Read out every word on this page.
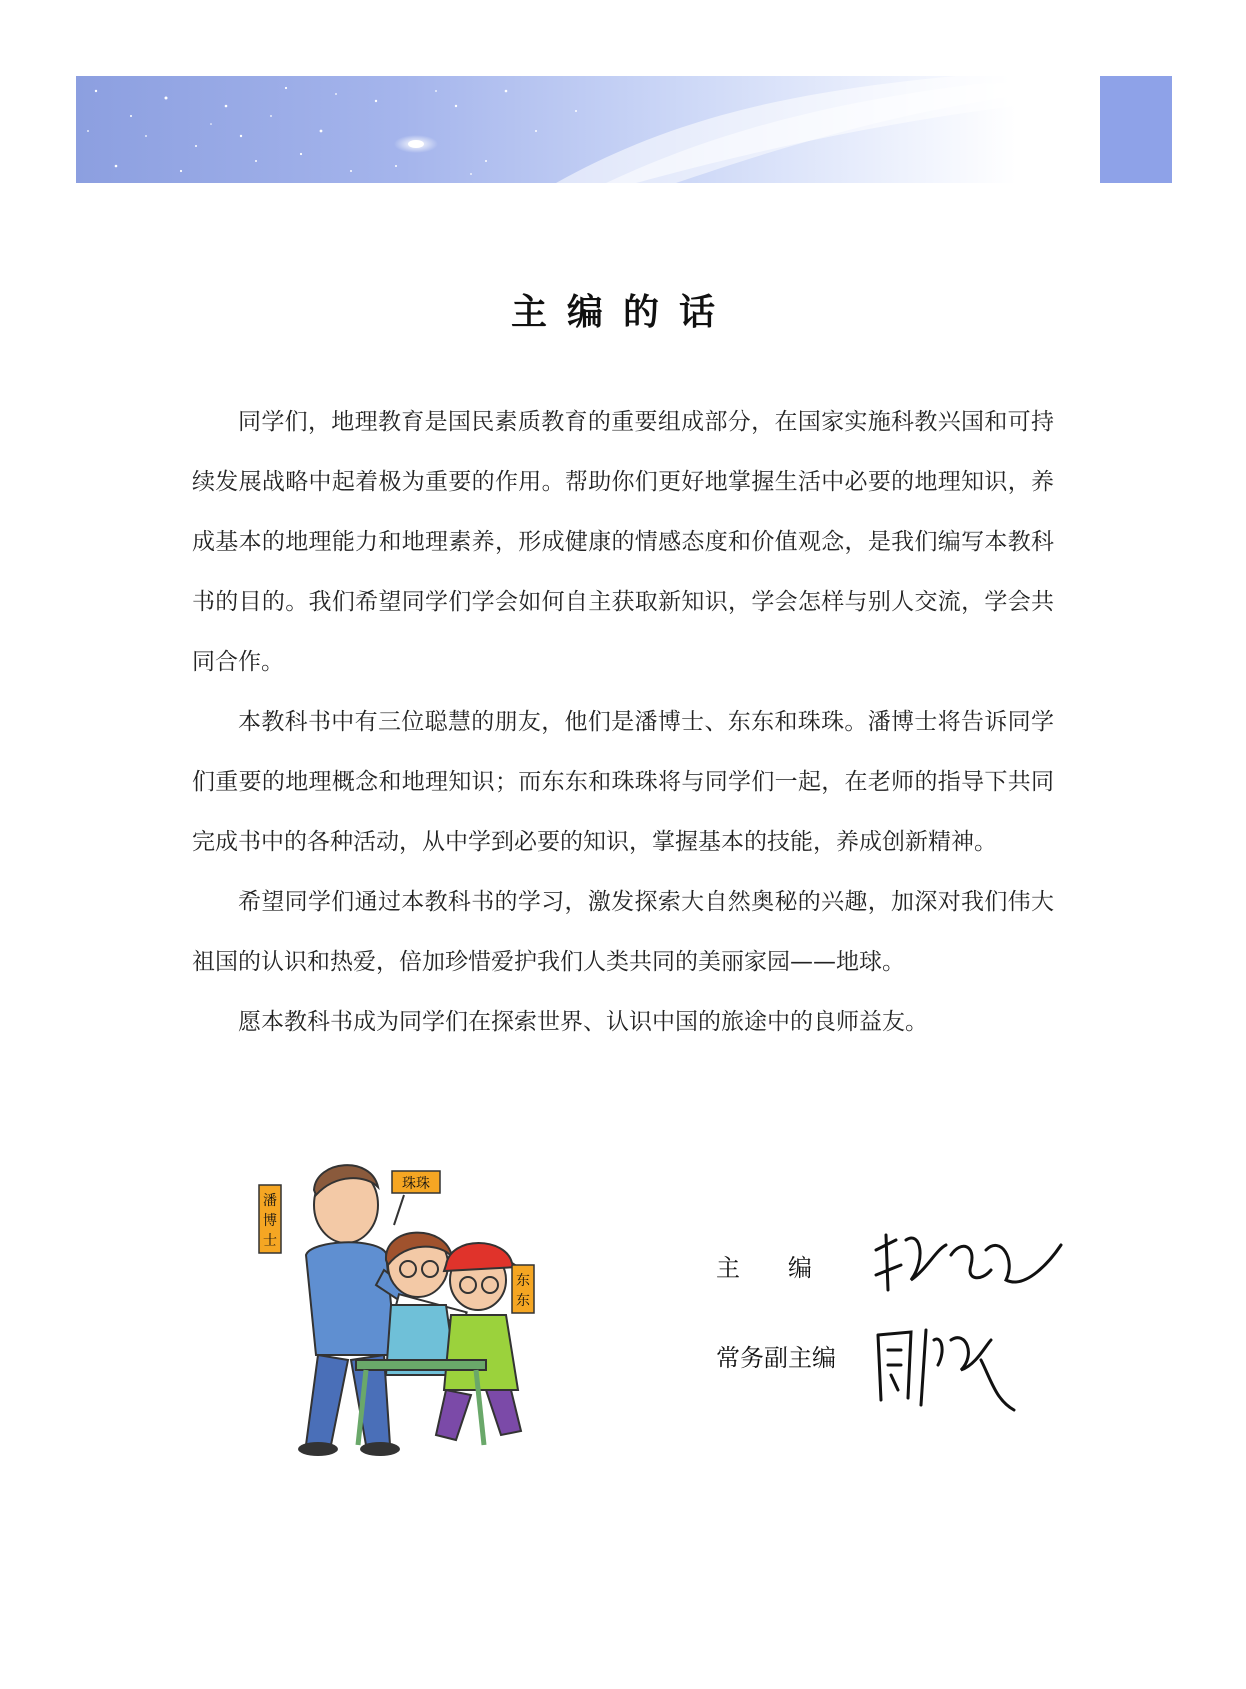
主编的话

同学们，地理教育是国民素质教育的重要组成部分，在国家实施科教兴国和可持续发展战略中起着极为重要的作用。帮助你们更好地掌握生活中必要的地理知识，养成基本的地理能力和地理素养，形成健康的情感态度和价值观念，是我们编写本教科书的目的。我们希望同学们学会如何自主获取新知识，学会怎样与别人交流，学会共同合作。

本教科书中有三位聪慧的朋友，他们是潘博士、东东和珠珠。潘博士将告诉同学们重要的地理概念和地理知识；而东东和珠珠将与同学们一起，在老师的指导下共同完成书中的各种活动，从中学到必要的知识，掌握基本的技能，养成创新精神。

希望同学们通过本教科书的学习，激发探索大自然奥秘的兴趣，加深对我们伟大祖国的认识和热爱，倍加珍惜爱护我们人类共同的美丽家园——地球。

愿本教科书成为同学们在探索世界、认识中国的旅途中的良师益友。

潘
博
士
珠珠
东
东
主　　编
常务副主编
